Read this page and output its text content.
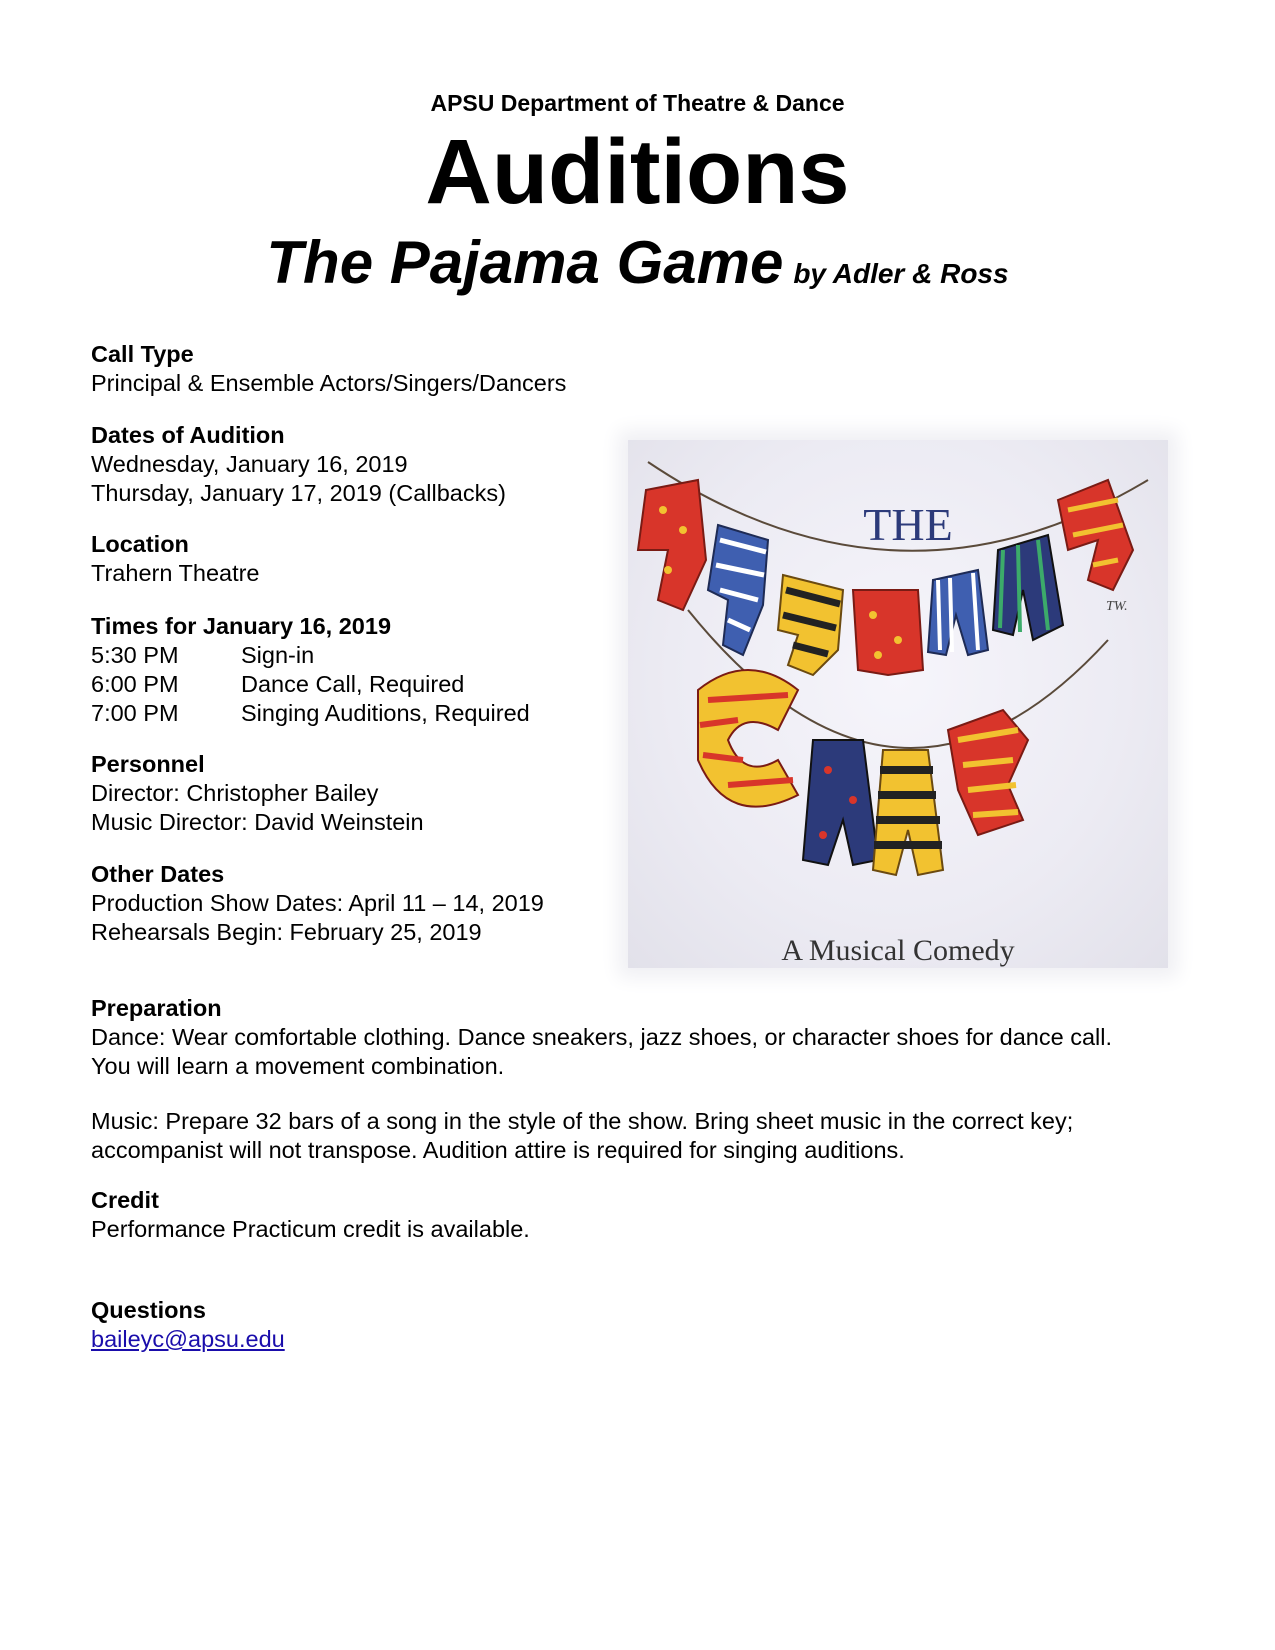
APSU Department of Theatre & Dance
Auditions
The Pajama Game by Adler & Ross
Call Type
Principal & Ensemble Actors/Singers/Dancers
Dates of Audition
Wednesday, January 16, 2019
Thursday, January 17, 2019 (Callbacks)
Location
Trahern Theatre
Times for January 16, 2019
5:30 PM	Sign-in
6:00 PM	Dance Call, Required
7:00 PM	Singing Auditions, Required
Personnel
Director: Christopher Bailey
Music Director: David Weinstein
Other Dates
Production Show Dates: April 11 – 14, 2019
Rehearsals Begin: February 25, 2019
THE
A Musical Comedy
TW.
Preparation
Dance: Wear comfortable clothing. Dance sneakers, jazz shoes, or character shoes for dance call.
You will learn a movement combination.
Music: Prepare 32 bars of a song in the style of the show. Bring sheet music in the correct key;
accompanist will not transpose. Audition attire is required for singing auditions.
Credit
Performance Practicum credit is available.
Questions
baileyc@apsu.edu
